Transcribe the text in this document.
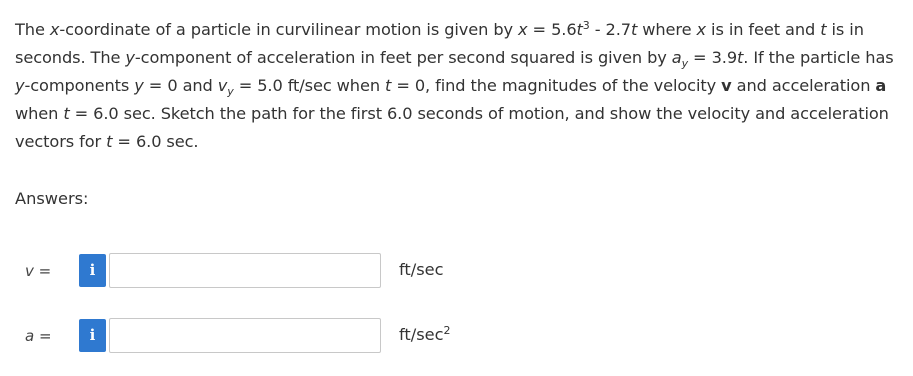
The x-coordinate of a particle in curvilinear motion is given by $x = 5.6t^3 - 2.7t$ where x is in feet and t is in seconds. The y-component of acceleration in feet per second squared is given by $a_y = 3.9t$. If the particle has y-components y = 0 and $v_y = 5.0$ ft/sec when t = 0, find the magnitudes of the velocity v and acceleration a when t = 6.0 sec. Sketch the path for the first 6.0 seconds of motion, and show the velocity and acceleration vectors for t = 6.0 sec.
Answers:
v =	i	ft/sec
a =	i	$ft/\sec^2$
